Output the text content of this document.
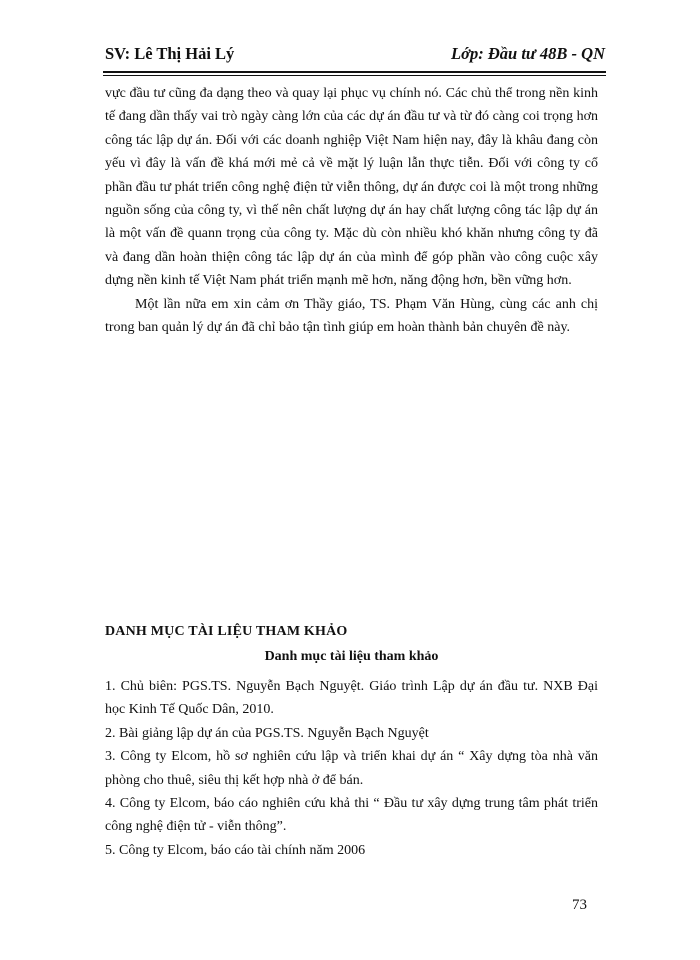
SV: Lê Thị Hải Lý	Lớp: Đầu tư 48B - QN

vực đầu tư cũng đa dạng theo và quay lại phục vụ chính nó. Các chủ thể trong nền kinh tế đang dần thấy vai trò ngày càng lớn của các dự án đầu tư và từ đó càng coi trọng hơn công tác lập dự án. Đối với các doanh nghiệp Việt Nam hiện nay, đây là khâu đang còn yếu vì đây là vấn đề khá mới mẻ cả về mặt lý luận lẫn thực tiễn. Đối với công ty cổ phần đầu tư phát triển công nghệ điện tử viễn thông, dự án được coi là một trong những nguồn sống của công ty, vì thế nên chất lượng dự án hay chất lượng công tác lập dự án là một vấn đề quann trọng của công ty. Mặc dù còn nhiều khó khăn nhưng công ty đã và đang dần hoàn thiện công tác lập dự án của mình để góp phần vào công cuộc xây dựng nền kinh tế Việt Nam phát triển mạnh mẽ hơn, năng động hơn, bền vững hơn.

Một lần nữa em xin cảm ơn Thầy giáo, TS. Phạm Văn Hùng, cùng các anh chị trong ban quản lý dự án đã chỉ bảo tận tình giúp em hoàn thành bản chuyên đề này.

DANH MỤC TÀI LIỆU THAM KHẢO
Danh mục tài liệu tham khảo

1. Chủ biên: PGS.TS. Nguyễn Bạch Nguyệt. Giáo trình Lập dự án đầu tư. NXB Đại học Kinh Tế Quốc Dân, 2010.

2. Bài giảng lập dự án của PGS.TS. Nguyễn Bạch Nguyệt

3. Công ty Elcom, hồ sơ nghiên cứu lập và triển khai dự án “ Xây dựng tòa nhà văn phòng cho thuê, siêu thị kết hợp nhà ở để bán.

4. Công ty Elcom, báo cáo nghiên cứu khả thi “ Đầu tư xây dựng trung tâm phát triển công nghệ điện tử - viễn thông”.

5. Công ty Elcom, báo cáo tài chính năm 2006

73
